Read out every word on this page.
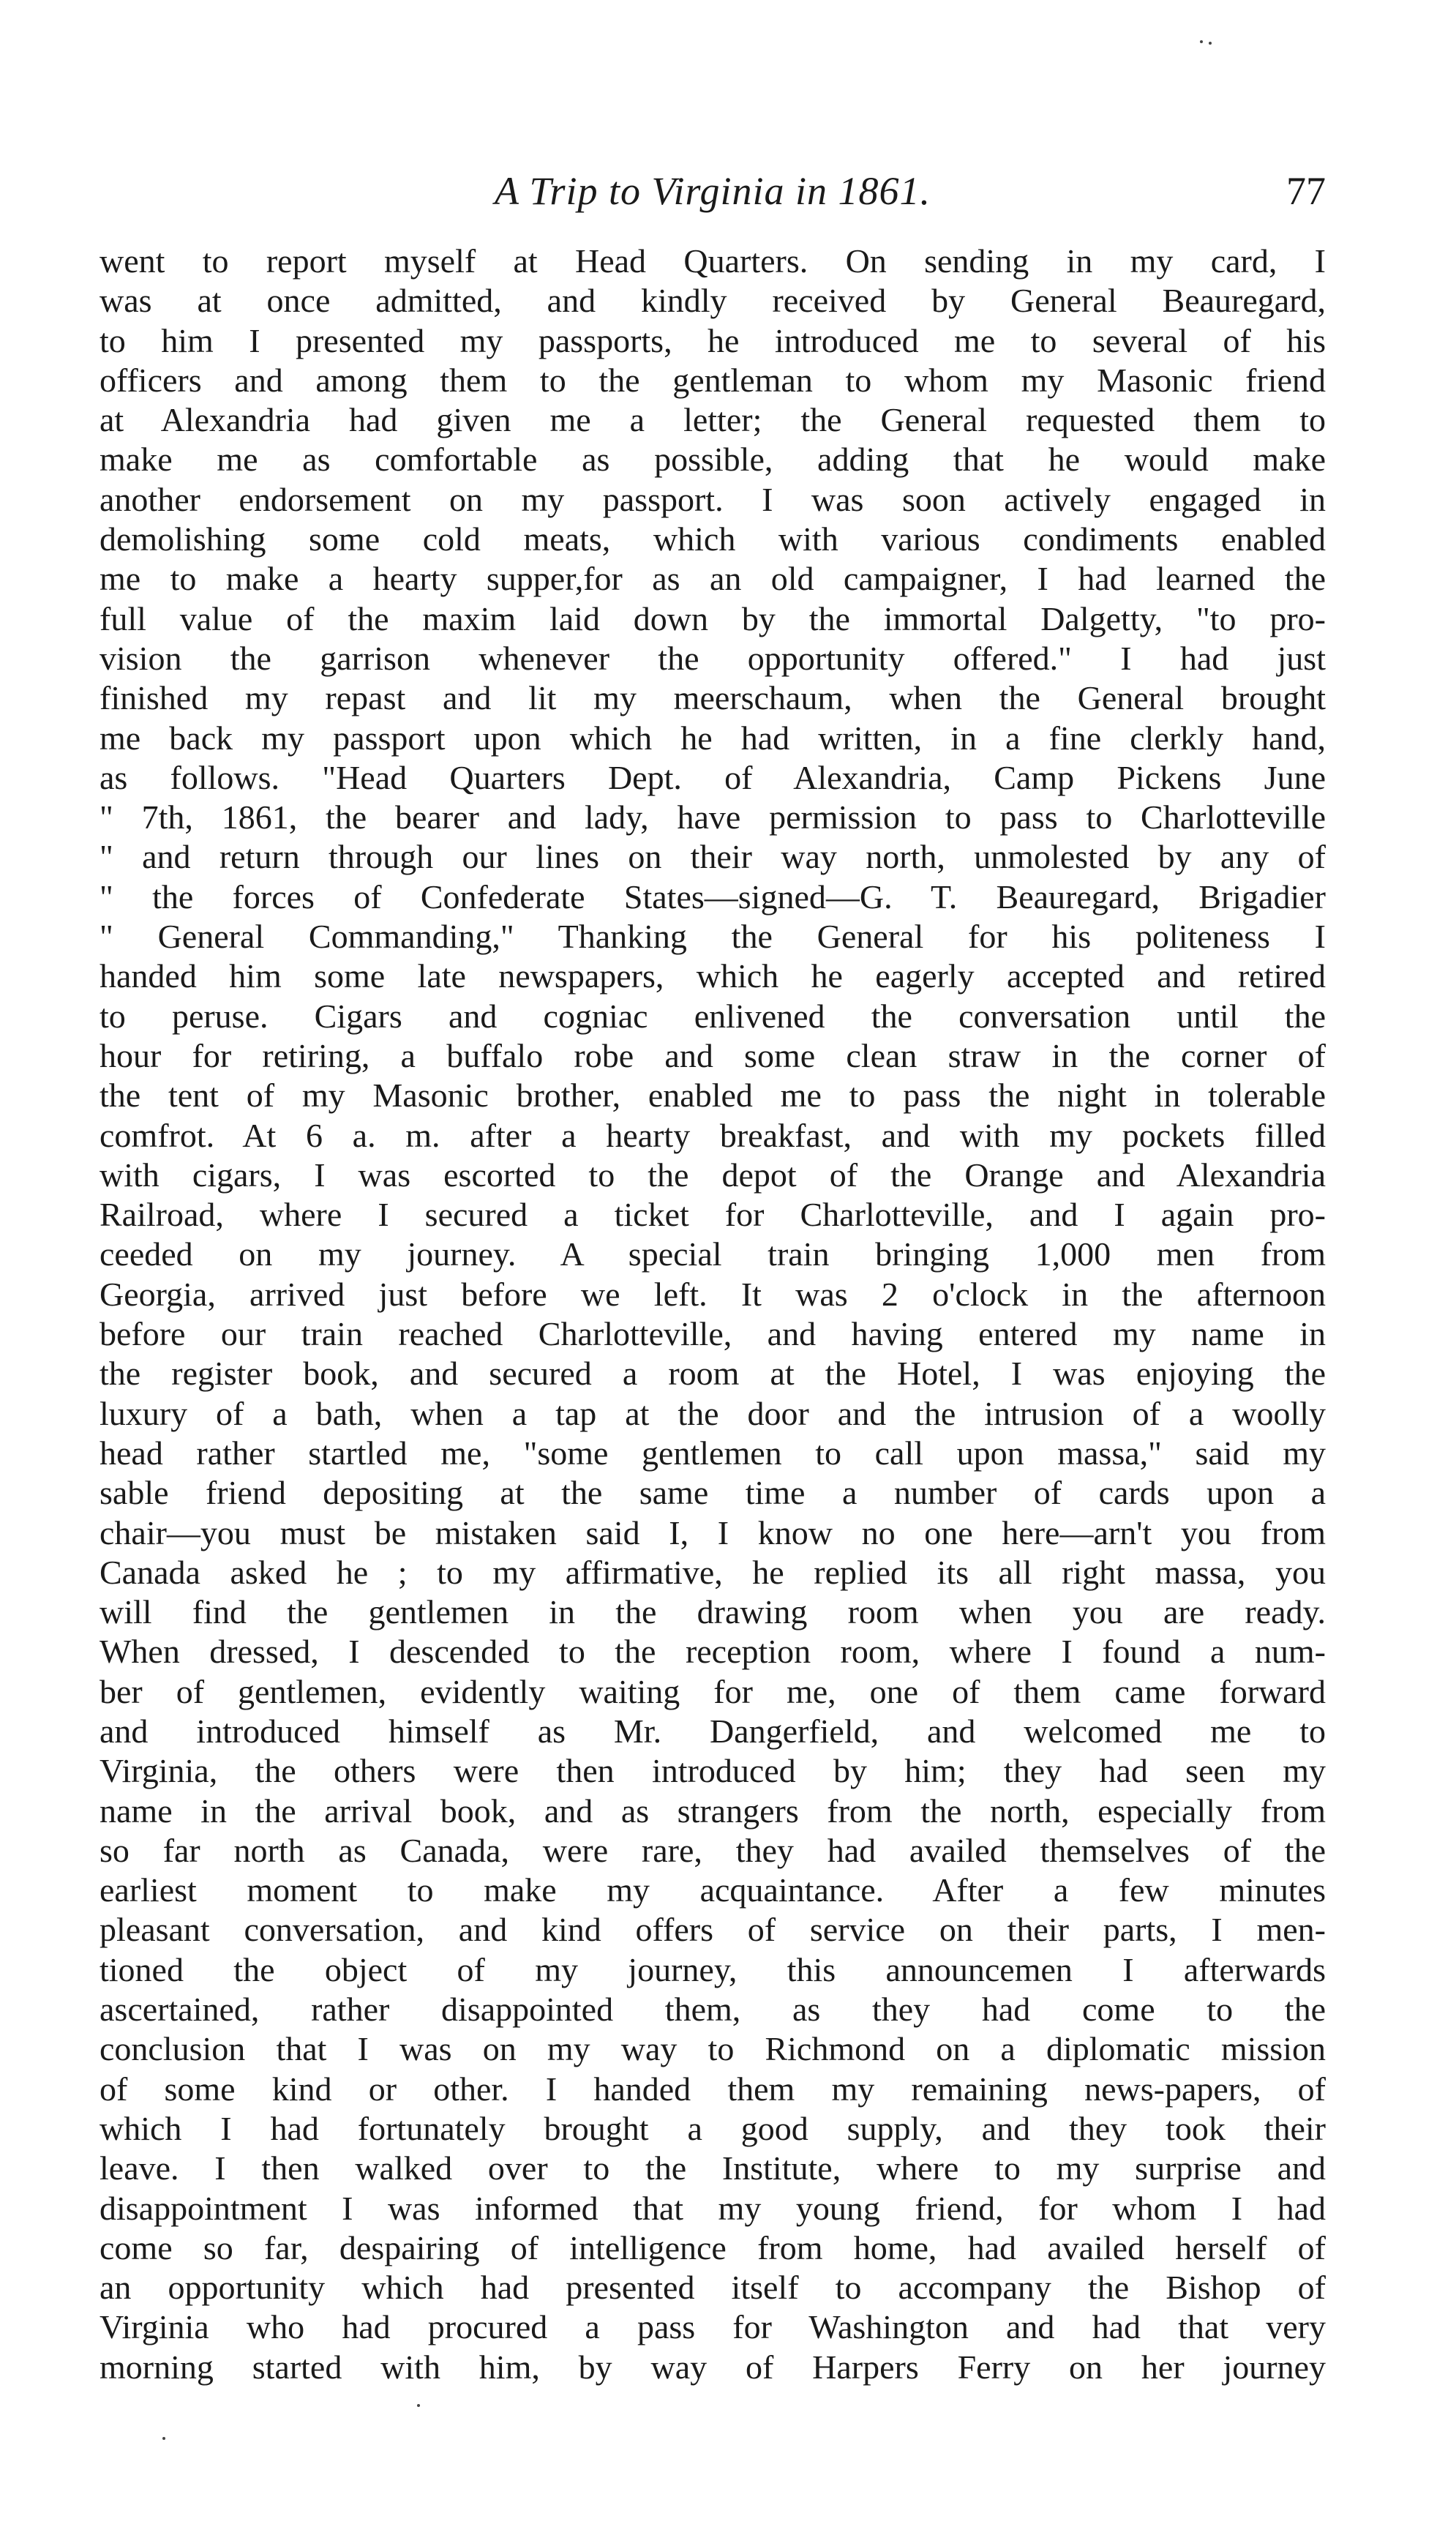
A Trip to Virginia in 1861.	77
went to report myself at Head Quarters. On sending in my card, I
was at once admitted, and kindly received by General Beauregard,
to him I presented my passports, he introduced me to several of his
officers and among them to the gentleman to whom my Masonic friend
at Alexandria had given me a letter; the General requested them to
make me as comfortable as possible, adding that he would make
another endorsement on my passport. I was soon actively engaged in
demolishing some cold meats, which with various condiments enabled
me to make a hearty supper,for as an old campaigner, I had learned the
full value of the maxim laid down by the immortal Dalgetty, "to pro-
vision the garrison whenever the opportunity offered." I had just
finished my repast and lit my meerschaum, when the General brought
me back my passport upon which he had written, in a fine clerkly hand,
as follows. "Head Quarters Dept. of Alexandria, Camp Pickens June
" 7th, 1861, the bearer and lady, have permission to pass to Charlotteville
" and return through our lines on their way north, unmolested by any of
" the forces of Confederate States—signed—G. T. Beauregard, Brigadier
" General Commanding," Thanking the General for his politeness I
handed him some late newspapers, which he eagerly accepted and retired
to peruse. Cigars and cogniac enlivened the conversation until the
hour for retiring, a buffalo robe and some clean straw in the corner of
the tent of my Masonic brother, enabled me to pass the night in tolerable
comfrot. At 6 a. m. after a hearty breakfast, and with my pockets filled
with cigars, I was escorted to the depot of the Orange and Alexandria
Railroad, where I secured a ticket for Charlotteville, and I again pro-
ceeded on my journey. A special train bringing 1,000 men from
Georgia, arrived just before we left. It was 2 o'clock in the afternoon
before our train reached Charlotteville, and having entered my name in
the register book, and secured a room at the Hotel, I was enjoying the
luxury of a bath, when a tap at the door and the intrusion of a woolly
head rather startled me, "some gentlemen to call upon massa," said my
sable friend depositing at the same time a number of cards upon a
chair—you must be mistaken said I, I know no one here—arn't you from
Canada asked he ; to my affirmative, he replied its all right massa, you
will find the gentlemen in the drawing room when you are ready.
When dressed, I descended to the reception room, where I found a num-
ber of gentlemen, evidently waiting for me, one of them came forward
and introduced himself as Mr. Dangerfield, and welcomed me to
Virginia, the others were then introduced by him; they had seen my
name in the arrival book, and as strangers from the north, especially from
so far north as Canada, were rare, they had availed themselves of the
earliest moment to make my acquaintance. After a few minutes
pleasant conversation, and kind offers of service on their parts, I men-
tioned the object of my journey, this announcemen I afterwards
ascertained, rather disappointed them, as they had come to the
conclusion that I was on my way to Richmond on a diplomatic mission
of some kind or other. I handed them my remaining news-papers, of
which I had fortunately brought a good supply, and they took their
leave. I then walked over to the Institute, where to my surprise and
disappointment I was informed that my young friend, for whom I had
come so far, despairing of intelligence from home, had availed herself of
an opportunity which had presented itself to accompany the Bishop of
Virginia who had procured a pass for Washington and had that very
morning started with him, by way of Harpers Ferry on her journey
